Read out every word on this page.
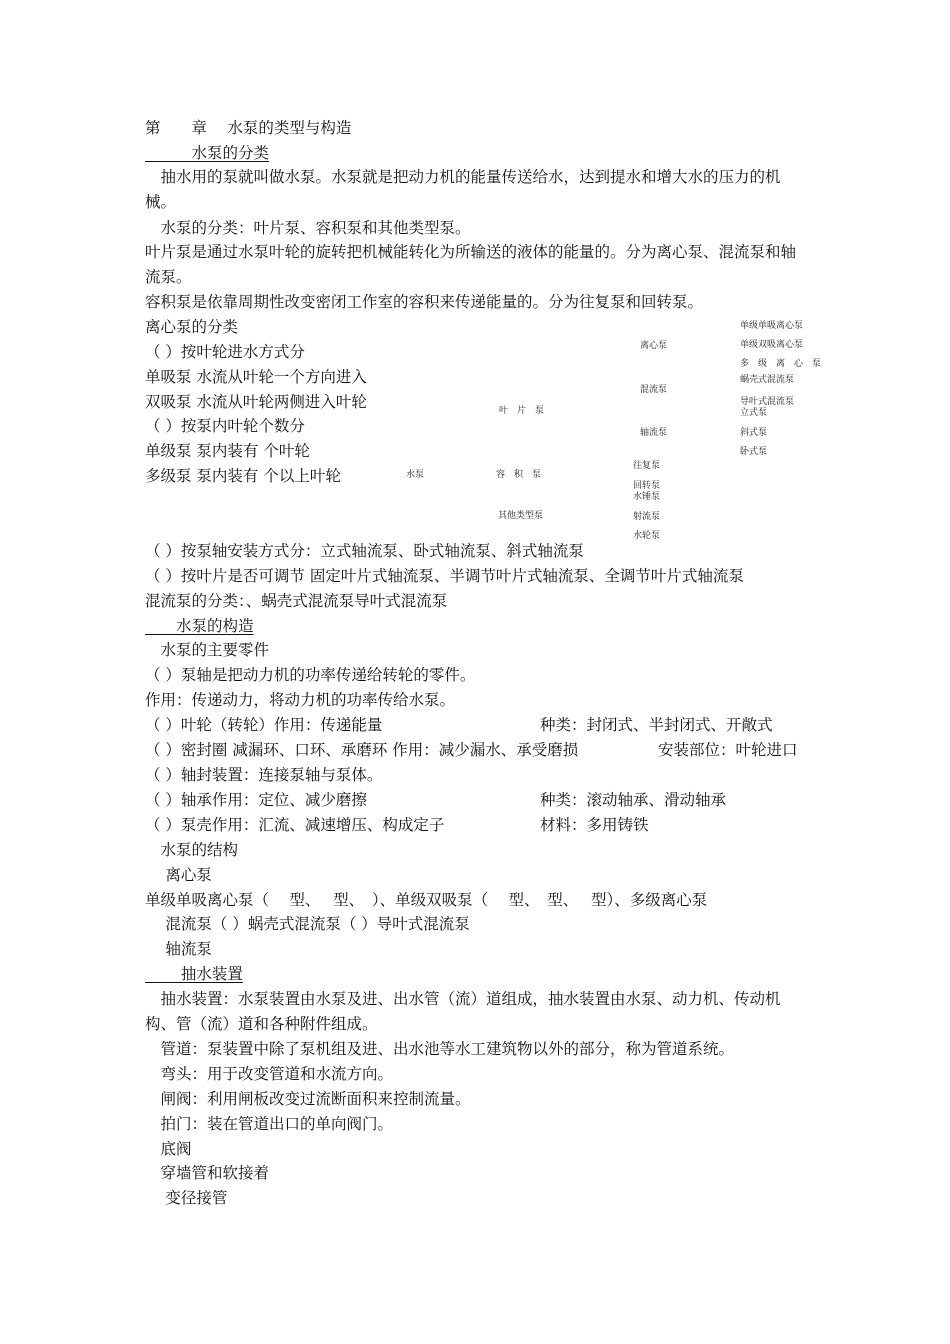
第　　章　 水泵的类型与构造
　　　水泵的分类
　抽水用的泵就叫做水泵。水泵就是把动力机的能量传送给水，达到提水和增大水的压力的机械。
　水泵的分类：叶片泵、容积泵和其他类型泵。
叶片泵是通过水泵叶轮的旋转把机械能转化为所输送的液体的能量的。分为离心泵、混流泵和轴流泵。
容积泵是依靠周期性改变密闭工作室的容积来传递能量的。分为往复泵和回转泵。
离心泵的分类
（ ）按叶轮进水方式分
单吸泵 水流从叶轮一个方向进入
双吸泵 水流从叶轮两侧进入叶轮
（ ）按泵内叶轮个数分
单级泵 泵内装有 个叶轮
多级泵 泵内装有 个以上叶轮	水泵
叶　片　泵
容　积　泵
其他类型泵
离心泵
混流泵
轴流泵
往复泵
回转泵
水锤泵
射流泵
水轮泵
单级单吸离心泵
单级双吸离心泵
多　级　离　心　泵
蜗壳式混流泵
导叶式混流泵
立式泵
斜式泵
卧式泵
（ ）按泵轴安装方式分：立式轴流泵、卧式轴流泵、斜式轴流泵
（ ）按叶片是否可调节 固定叶片式轴流泵、半调节叶片式轴流泵、全调节叶片式轴流泵
混流泵的分类：、蜗壳式混流泵导叶式混流泵
　　水泵的构造
　水泵的主要零件
（ ）泵轴是把动力机的功率传递给转轮的零件。
作用：传递动力，将动力机的功率传给水泵。
（ ）叶轮（转轮）作用：传递能量	种类：封闭式、半封闭式、开敞式
（ ）密封圈 减漏环、口环、承磨环 作用：减少漏水、承受磨损	安装部位：叶轮进口
（ ）轴封装置：连接泵轴与泵体。
（ ）轴承作用：定位、减少磨擦	种类：滚动轴承、滑动轴承
（ ）泵壳作用：汇流、减速增压、构成定子	材料：多用铸铁
　水泵的结构
　 离心泵
单级单吸离心泵（　 型、　 型、　）、单级双吸泵（　 型、　型、　 型）、多级离心泵
　 混流泵（ ）蜗壳式混流泵（ ）导叶式混流泵
　 轴流泵
　　 抽水装置
　抽水装置：水泵装置由水泵及进、出水管（流）道组成，抽水装置由水泵、动力机、传动机构、管（流）道和各种附件组成。
　管道：泵装置中除了泵机组及进、出水池等水工建筑物以外的部分，称为管道系统。
　弯头：用于改变管道和水流方向。
　闸阀：利用闸板改变过流断面积来控制流量。
　拍门：装在管道出口的单向阀门。
　底阀
　穿墙管和软接着
　 变径接管
